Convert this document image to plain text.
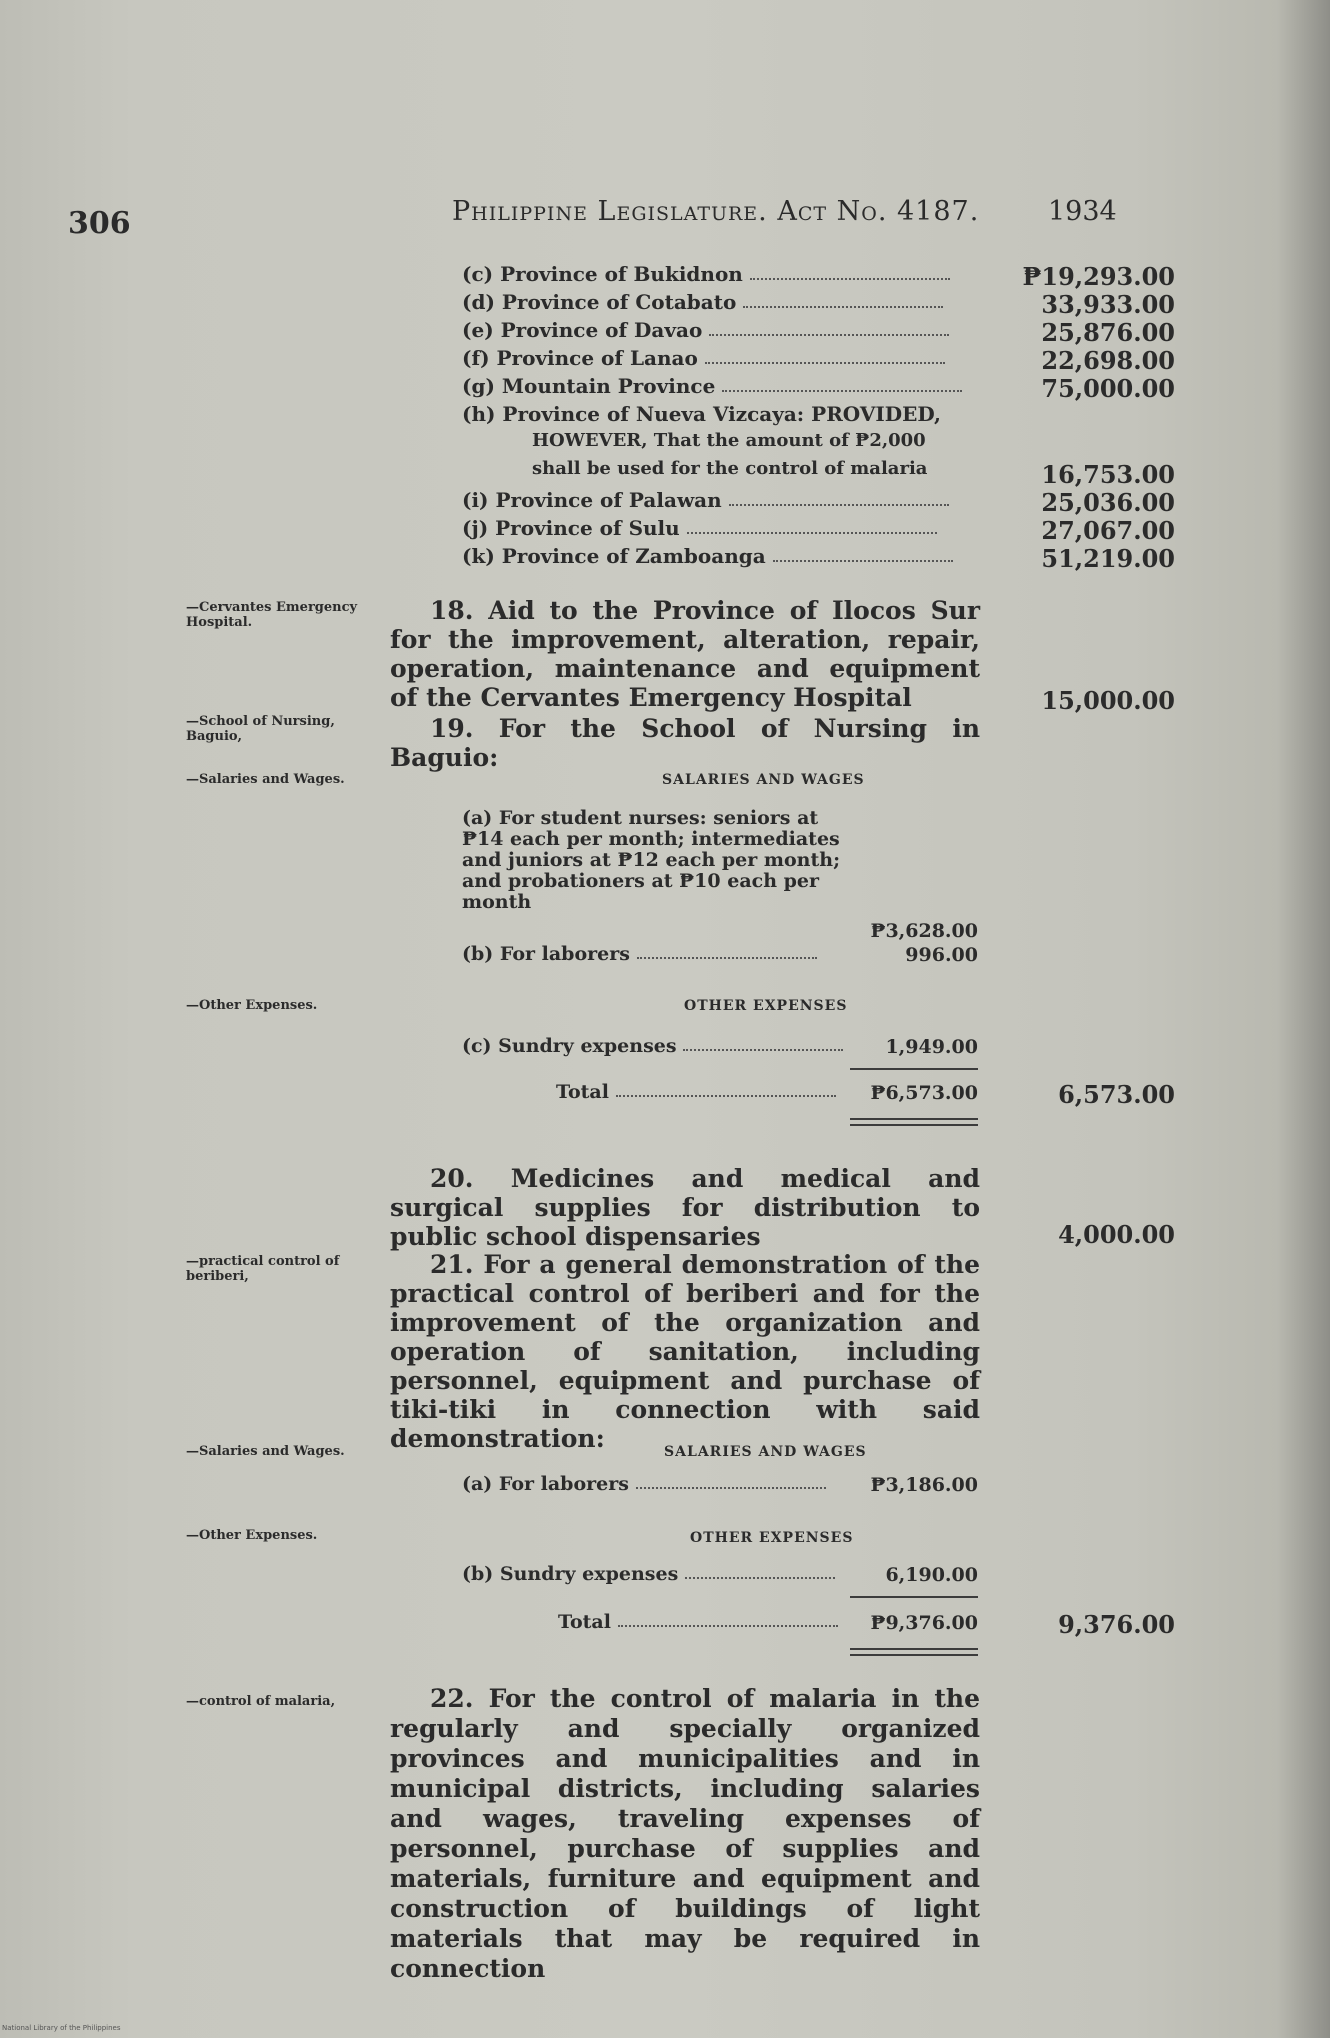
306	Philippine Legislature. Act No. 4187.	1934
(c) Province of Bukidnon	₱19,293.00
(d) Province of Cotabato	33,933.00
(e) Province of Davao	25,876.00
(f) Province of Lanao	22,698.00
(g) Mountain Province	75,000.00
(h) Province of Nueva Vizcaya: PROVIDED,
HOWEVER, That the amount of ₱2,000
shall be used for the control of malaria	16,753.00
(i) Province of Palawan	25,036.00
(j) Province of Sulu	27,067.00
(k) Province of Zamboanga	51,219.00
—Cervantes Emergency Hospital.	18. Aid to the Province of Ilocos Sur for the improvement, alteration, repair, operation, maintenance and equipment of the Cervantes Emergency Hospital	15,000.00
—School of Nursing, Baguio,	19. For the School of Nursing in Baguio:
—Salaries and Wages.	SALARIES AND WAGES
(a) For student nurses: seniors at ₱14 each per month; intermediates and juniors at ₱12 each per month; and probationers at ₱10 each per month
₱3,628.00
(b) For laborers	996.00
—Other Expenses.	OTHER EXPENSES
(c) Sundry expenses	1,949.00
Total	₱6,573.00	6,573.00
20. Medicines and medical and surgical supplies for distribution to public school dispensaries	4,000.00
—practical control of beriberi,	21. For a general demonstration of the practical control of beriberi and for the improvement of the organization and operation of sanitation, including personnel, equipment and purchase of tiki-tiki in connection with said demonstration:
—Salaries and Wages.	SALARIES AND WAGES
(a) For laborers	₱3,186.00
—Other Expenses.	OTHER EXPENSES
(b) Sundry expenses	6,190.00
Total	₱9,376.00	9,376.00
—control of malaria,	22. For the control of malaria in the regularly and specially organized provinces and municipalities and in municipal districts, including salaries and wages, traveling expenses of personnel, purchase of supplies and materials, furniture and equipment and construction of buildings of light materials that may be required in connection
National Library of the Philippines
